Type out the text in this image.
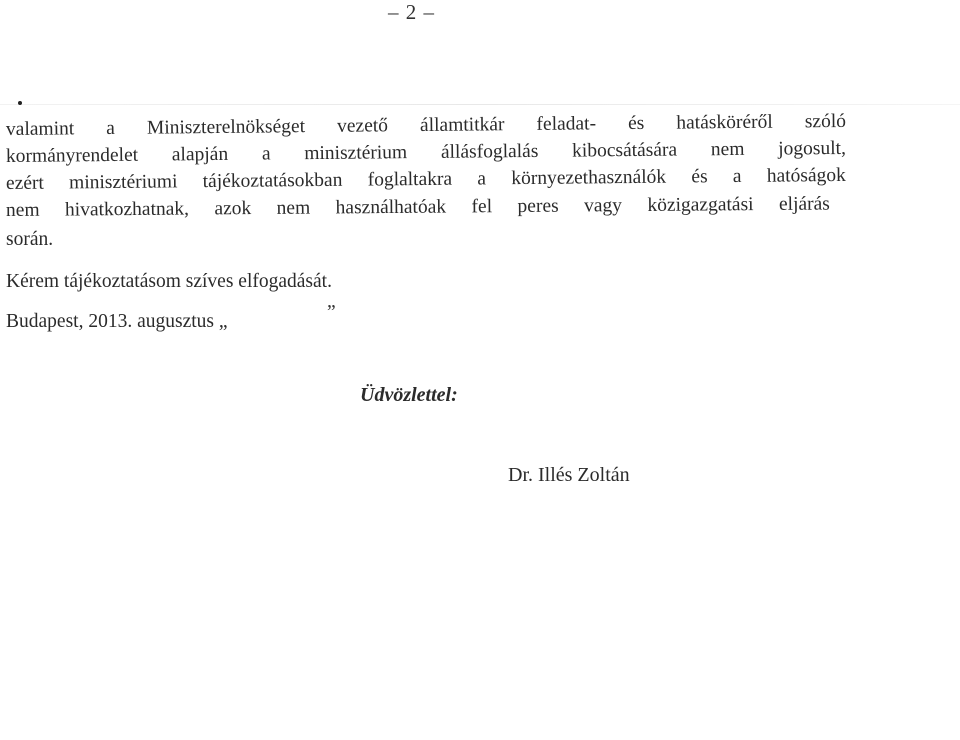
– 2 –
valamint a Miniszterelnökséget vezető államtitkár feladat- és hatásköréről szóló
kormányrendelet alapján a minisztérium állásfoglalás kibocsátására nem jogosult,
ezért minisztériumi tájékoztatásokban foglaltakra a környezethasználók és a hatóságok
nem hivatkozhatnak, azok nem használhatóak fel peres vagy közigazgatási eljárás
során.
Kérem tájékoztatásom szíves elfogadását.
Budapest, 2013. augusztus „	”
Üdvözlettel:
Dr. Illés Zoltán
